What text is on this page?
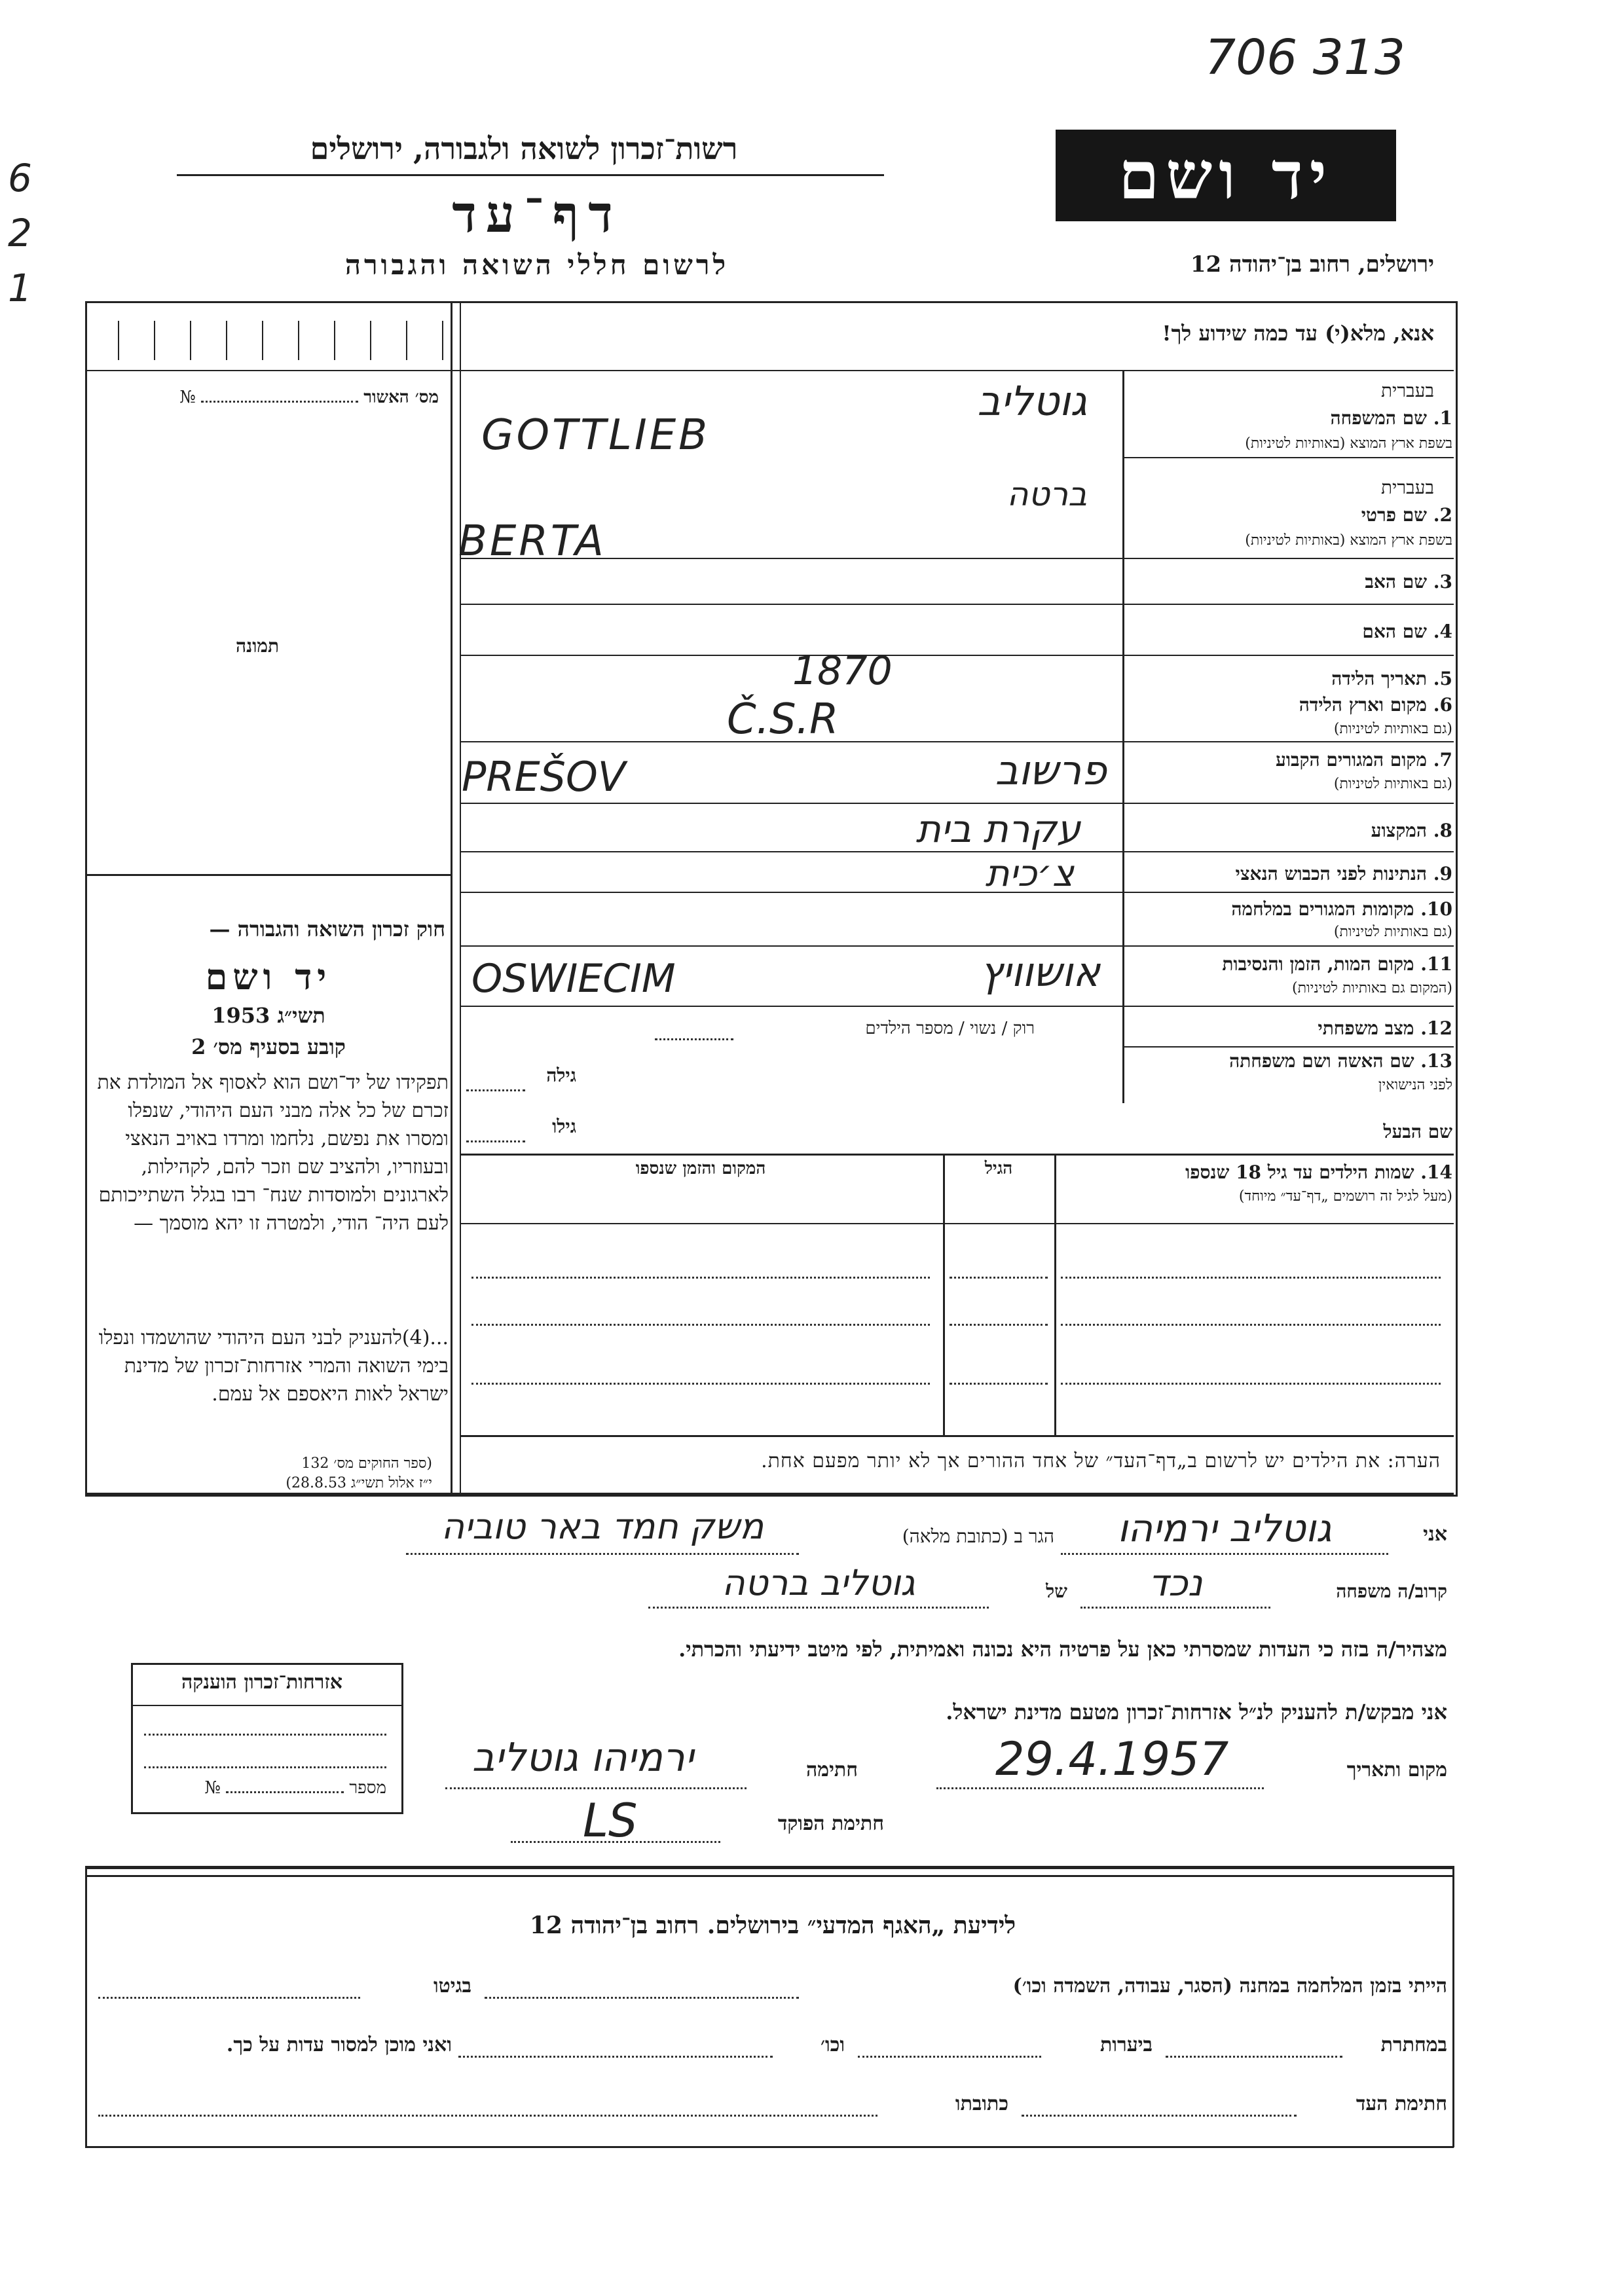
706 313
6 21
רשות־זכרון לשואה ולגבורה, ירושלים
דף־עד
לרשום חללי השואה והגבורה
יד ושם
ירושלים, רחוב בן־יהודה 12
אנא, מלא(י) עד כמה שידוע לך!
מס׳ האשור  №
תמונה
חוק זכרון השואה והגבורה —
יד ושם
תשי״ג 1953
קובע בסעיף מס׳ 2
תפקידו של יד־ושם הוא לאסוף אל המולדת את זכרם של כל אלה מבני העם היהודי, שנפלו ומסרו את נפשם, נלחמו ומרדו באויב הנאצי ובעוזריו, ולהציב שם וזכר להם, לקהילות, לארגונים ולמוסדות שנח־ רבו בגלל השתייכותם לעם היה־ הודי, ולמטרה זו יהא מוסמך —
...(4)להעניק לבני העם היהודי שהושמדו ונפלו בימי השואה והמרי אזרחות־זכרון של מדינת ישראל לאות היאספם אל עמם.
(ספר החוקים מס׳ 132
י״ז אלול תשי״ג 28.8.53)
בעברית
1. שם המשפחה
בשפת ארץ המוצא (באותיות לטיניות)
בעברית
2. שם פרטי
בשפת ארץ המוצא (באותיות לטיניות)
3. שם האב
4. שם האם
5. תאריך הלידה
6. מקום וארץ הלידה
(גם באותיות לטיניות)
7. מקום המגורים הקבוע
(גם באותיות לטיניות)
8. המקצוע
9. הנתינות לפני הכבוש הנאצי
10. מקומות המגורים במלחמה
(גם באותיות לטיניות)
11. מקום המות, הזמן והנסיבות
(המקום גם באותיות לטיניות)
12. מצב משפחתי
13. שם האשה ושם משפחתה
לפני הנישואין
שם הבעל
רוק / נשוי / מספר הילדים
גילה
גילו
14. שמות הילדים עד גיל 18 שנספו
(מעל לגיל זה רושמים „דף־עד״ מיוחד)
הגיל
המקום והזמן שנספו
הערה: את הילדים יש לרשום ב„דף־העד״ של אחד ההורים אך לא יותר מפעם אחת.
גוטליב
GOTTLIEB
ברטה
BERTA
1870
Č.S.R
PREŠOV	פרשוב
עקרת בית
צ׳כית
OSWIECIM	אושוויץ
אני
גוטליב ירמיהו
הגר ב (כתובת מלאה)
משק חמד באר טוביה
קרוב/ה משפחה
נכד
של
גוטליב ברטה
מצהיר/ה בזה כי העדות שמסרתי כאן על פרטיה היא נכונה ואמיתית, לפי מיטב ידיעתי והכרתי.
אני מבקש/ת להעניק לנ״ל אזרחות־זכרון מטעם מדינת ישראל.
מקום ותאריך
29.4.1957
חתימה
ירמיהו גוטליב
חתימת הפוקד
LS
אזרחות־זכרון הוענקה
מספר  №
לידיעת „האגף המדעי״ בירושלים. רחוב בן־יהודה 12
הייתי בזמן המלחמה במחנה (הסגר, עבודה, השמדה וכו׳)
בגיטו
במחתרת
ביערות
וכו׳
ואני מוכן למסור עדות על כך.
חתימת העד
כתובתו
